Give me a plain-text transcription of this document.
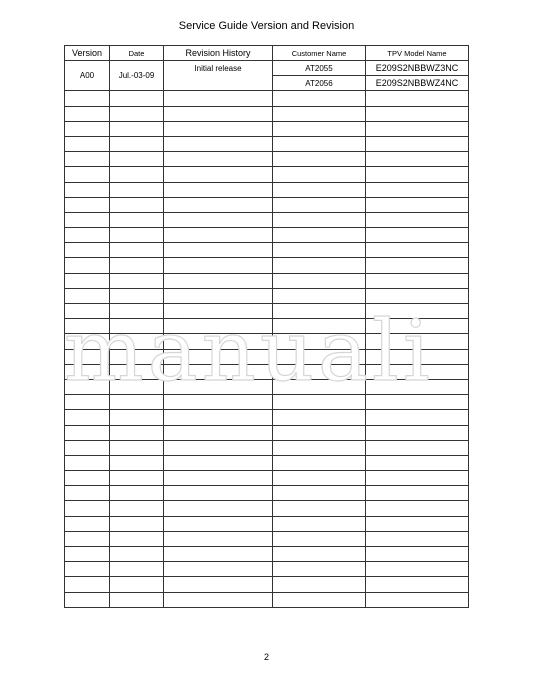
Service Guide Version and Revision
Version	Date	Revision History	Customer Name	TPV Model Name
A00	Jul.-03-09	Initial release	AT2055	E209S2NBBWZ3NC
			AT2056	E209S2NBBWZ4NC

manuali
2
